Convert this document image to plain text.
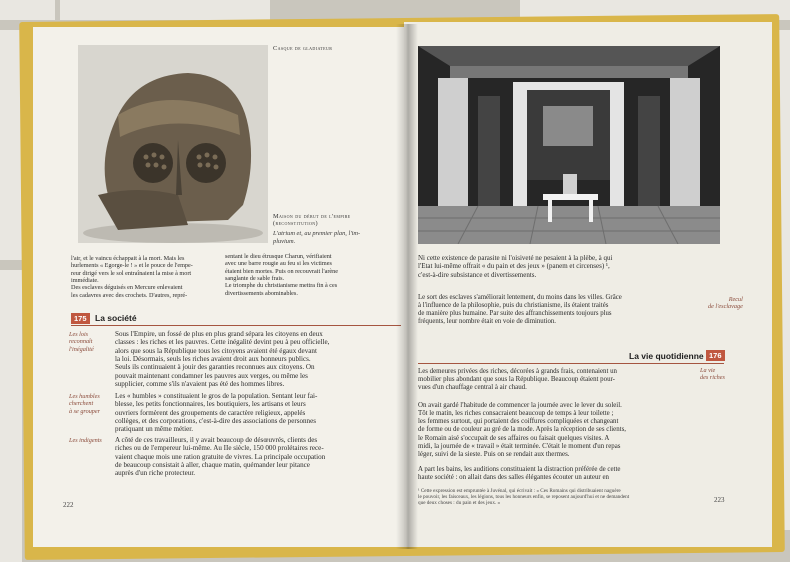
Casque de gladiateur
Maison du début de l'empire
(reconstitution)
L'atrium et, au premier plan, l'im-
pluvium.
l'air, et le vaincu échappait à la mort. Mais les
hurlements « Egorge-le ! » et le pouce de l'empe-
reur dirigé vers le sol entraînaient la mise à mort
immédiate.
Des esclaves déguisés en Mercure enlevaient
les cadavres avec des crochets. D'autres, repré-
sentant le dieu étrusque Charun, vérifiaient
avec une barre rougie au feu si les victimes
étaient bien mortes. Puis on recouvrait l'arène
sanglante de sable frais.
Le triomphe du christianisme mettra fin à ces
divertissements abominables.
175 La société
Les lois
reconnaît
l'inégalité
Sous l'Empire, un fossé de plus en plus grand sépara les citoyens en deux
classes : les riches et les pauvres. Cette inégalité devint peu à peu officielle,
alors que sous la République tous les citoyens avaient été égaux devant
la loi. Désormais, seuls les riches avaient droit aux honneurs publics.
Seuls ils continuaient à jouir des garanties reconnues aux citoyens. On
pouvait maintenant condamner les pauvres aux verges, ou même les
supplicier, comme s'ils n'avaient pas été des hommes libres.
Les humbles
cherchent
à se grouper
Les « humbles » constituaient le gros de la population. Sentant leur fai-
blesse, les petits fonctionnaires, les boutiquiers, les artisans et leurs
ouvriers formèrent des groupements de caractère religieux, appelés
collèges, et des corporations, c'est-à-dire des associations de personnes
pratiquant un même métier.
Les indigents A côté de ces travailleurs, il y avait beaucoup de désœuvrés, clients des
riches ou de l'empereur lui-même. Au IIe siècle, 150 000 prolétaires rece-
vaient chaque mois une ration gratuite de vivres. La principale occupation
de beaucoup consistait à aller, chaque matin, quémander leur pitance
auprès d'un riche protecteur.
222
Ni cette existence de parasite ni l'oisiveté ne pesaient à la plèbe, à qui
l'Etat lui-même offrait « du pain et des jeux » (panem et circenses) ¹,
c'est-à-dire subsistance et divertissements.
Recul
de l'esclavage
Le sort des esclaves s'améliorait lentement, du moins dans les villes. Grâce
à l'influence de la philosophie, puis du christianisme, ils étaient traités
de manière plus humaine. Par suite des affranchissements toujours plus
fréquents, leur nombre était en voie de diminution.
La vie quotidienne 176
La vie
des riches
Les demeures privées des riches, décorées à grands frais, contenaient un
mobilier plus abondant que sous la République. Beaucoup étaient pour-
vues d'un chauffage central à air chaud.
On avait gardé l'habitude de commencer la journée avec le lever du soleil.
Tôt le matin, les riches consacraient beaucoup de temps à leur toilette ;
les femmes surtout, qui portaient des coiffures compliquées et changeant
de forme ou de couleur au gré de la mode. Après la réception de ses clients,
le Romain aisé s'occupait de ses affaires ou faisait quelques visites. A
midi, la journée de « travail » était terminée. C'était le moment d'un repas
léger, suivi de la sieste. Puis on se rendait aux thermes.
A part les bains, les auditions constituaient la distraction préférée de cette
haute société : on allait dans des salles élégantes écouter un auteur en
¹ Cette expression est empruntée à Juvénal, qui écrivait : « Ces Romains qui distribuaient naguère
le pouvoir, les faisceaux, les légions, tous les honneurs enfin, se reposent aujourd'hui et ne demandent
que deux choses : du pain et des jeux. »	223
